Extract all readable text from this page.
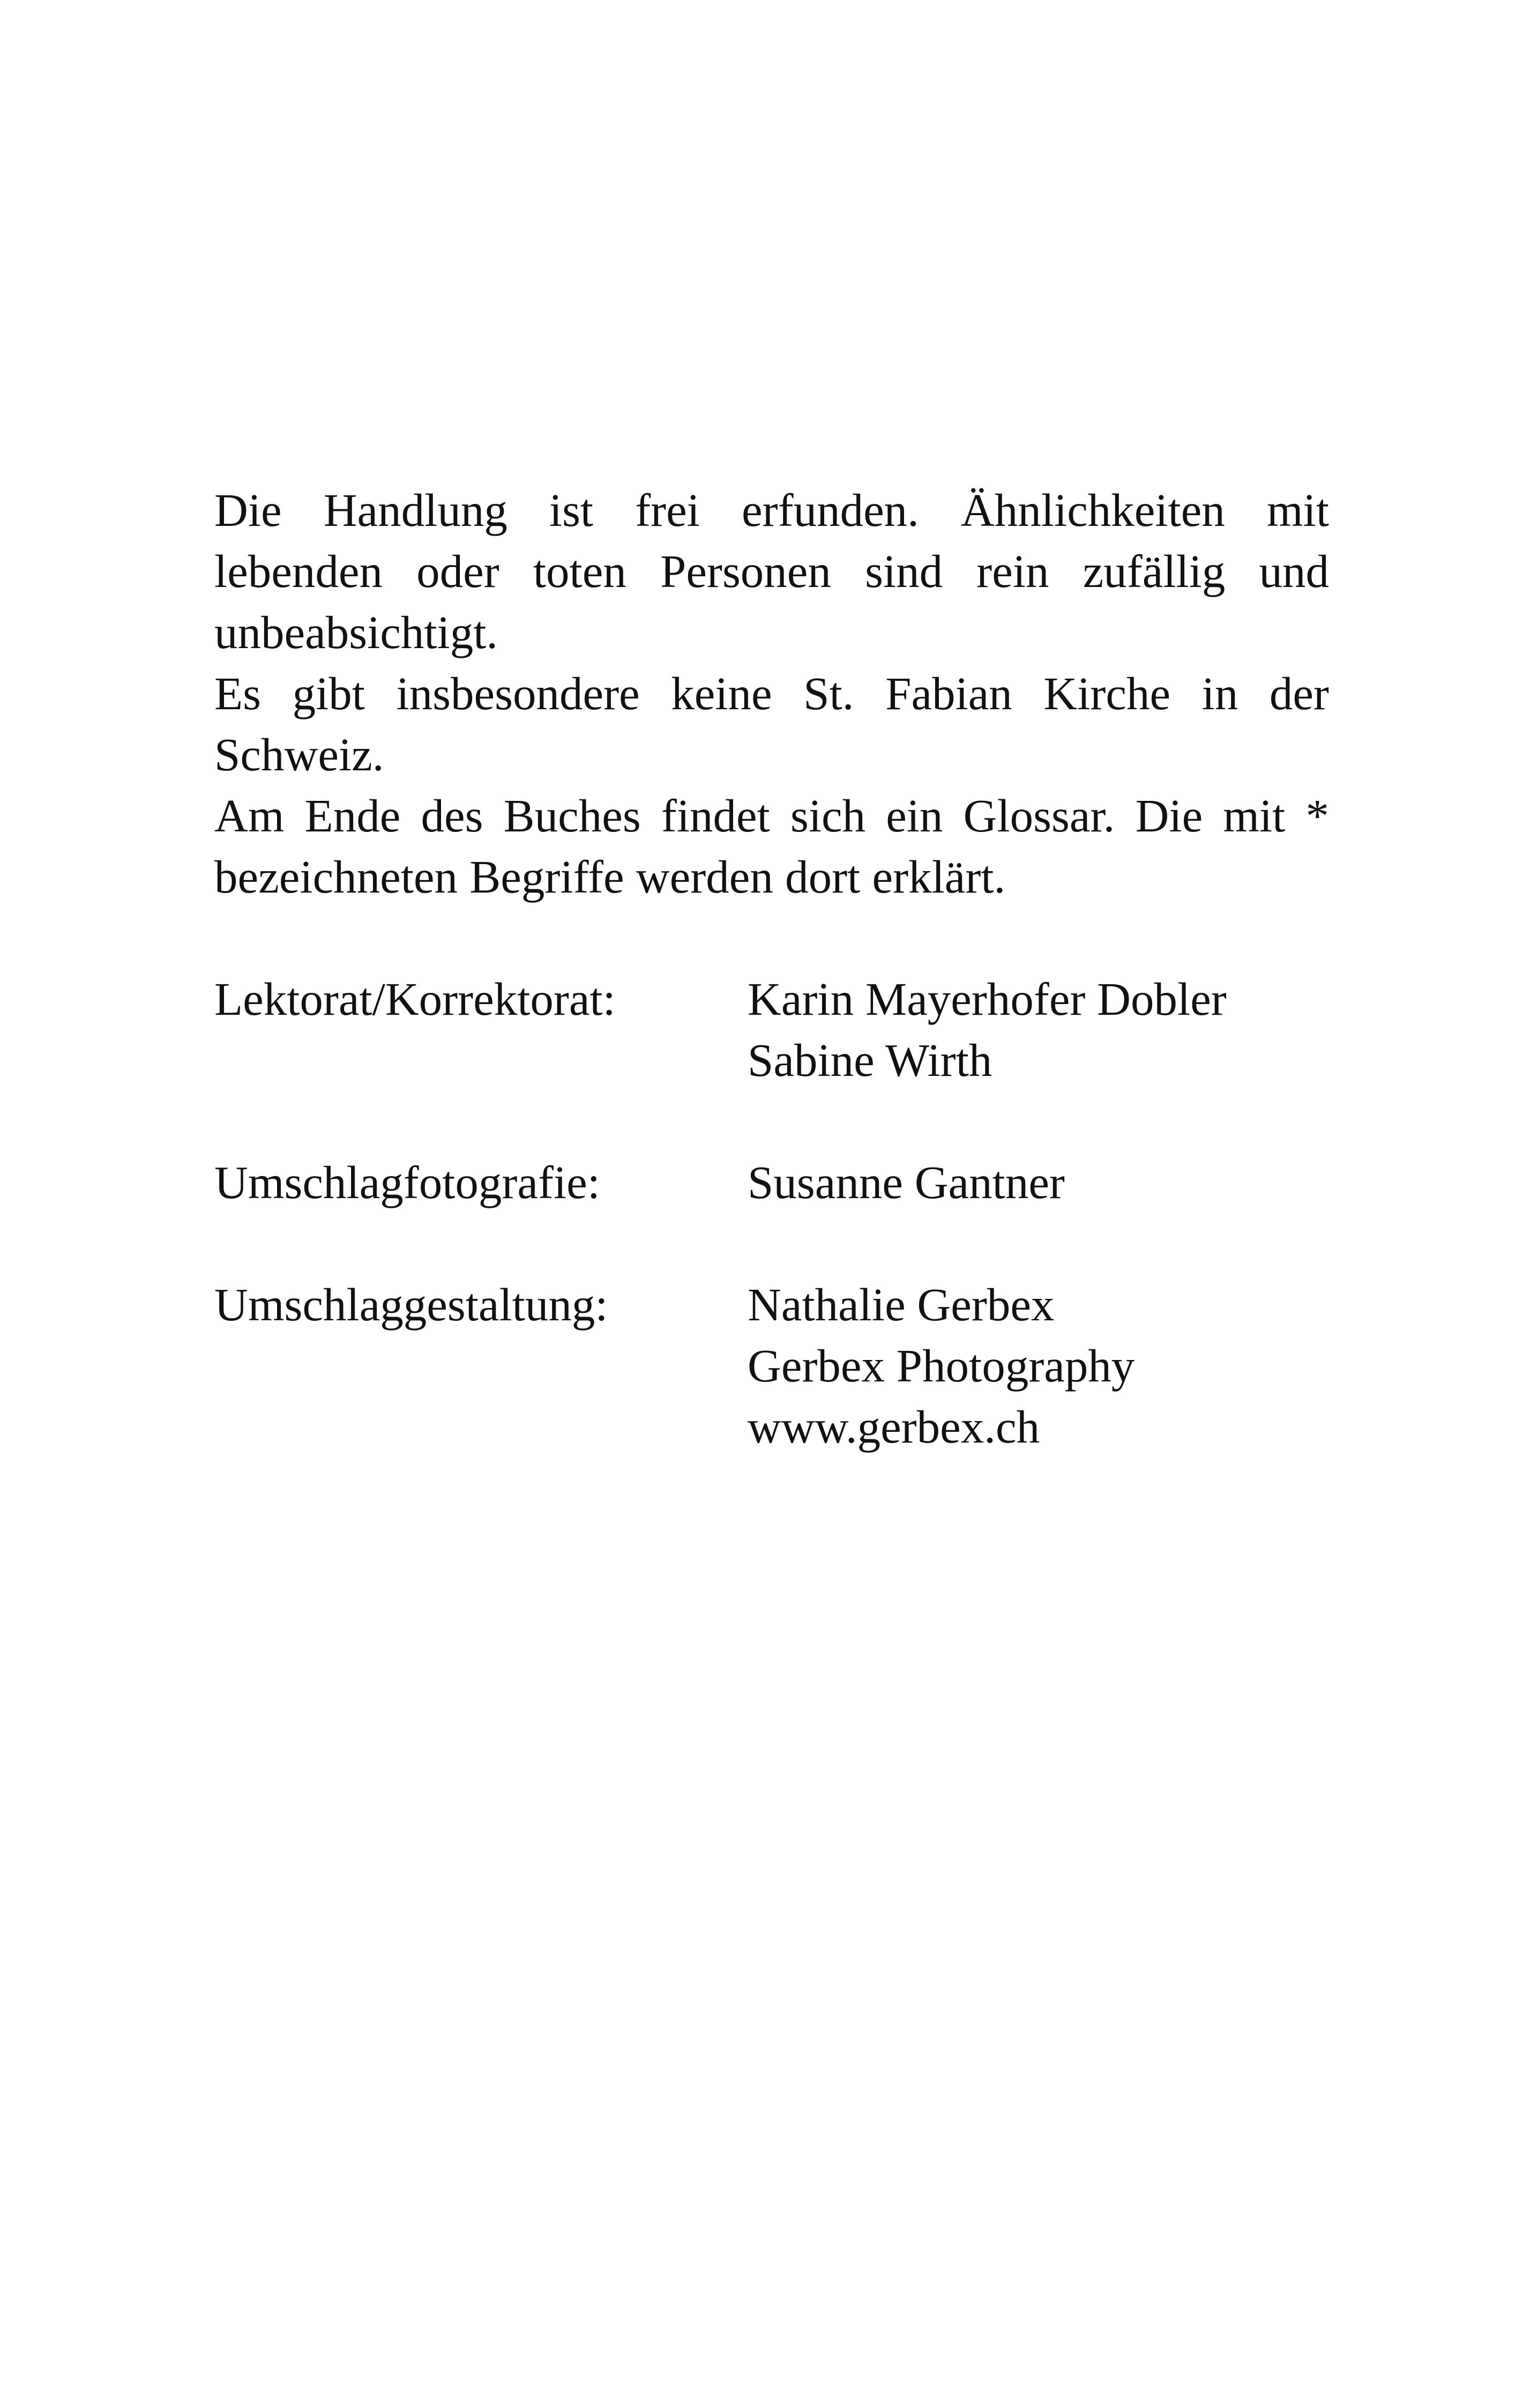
Die Handlung ist frei erfunden. Ähnlichkeiten mit lebenden oder toten Personen sind rein zufällig und unbeabsichtigt.

Es gibt insbesondere keine St. Fabian Kirche in der Schweiz.

Am Ende des Buches findet sich ein Glossar. Die mit * bezeichneten Begriffe werden dort erklärt.

Lektorat/Korrektorat:	Karin Mayerhofer Dobler
Sabine Wirth
Umschlagfotografie:	Susanne Gantner
Umschlaggestaltung:	Nathalie Gerbex
Gerbex Photography
www.gerbex.ch
